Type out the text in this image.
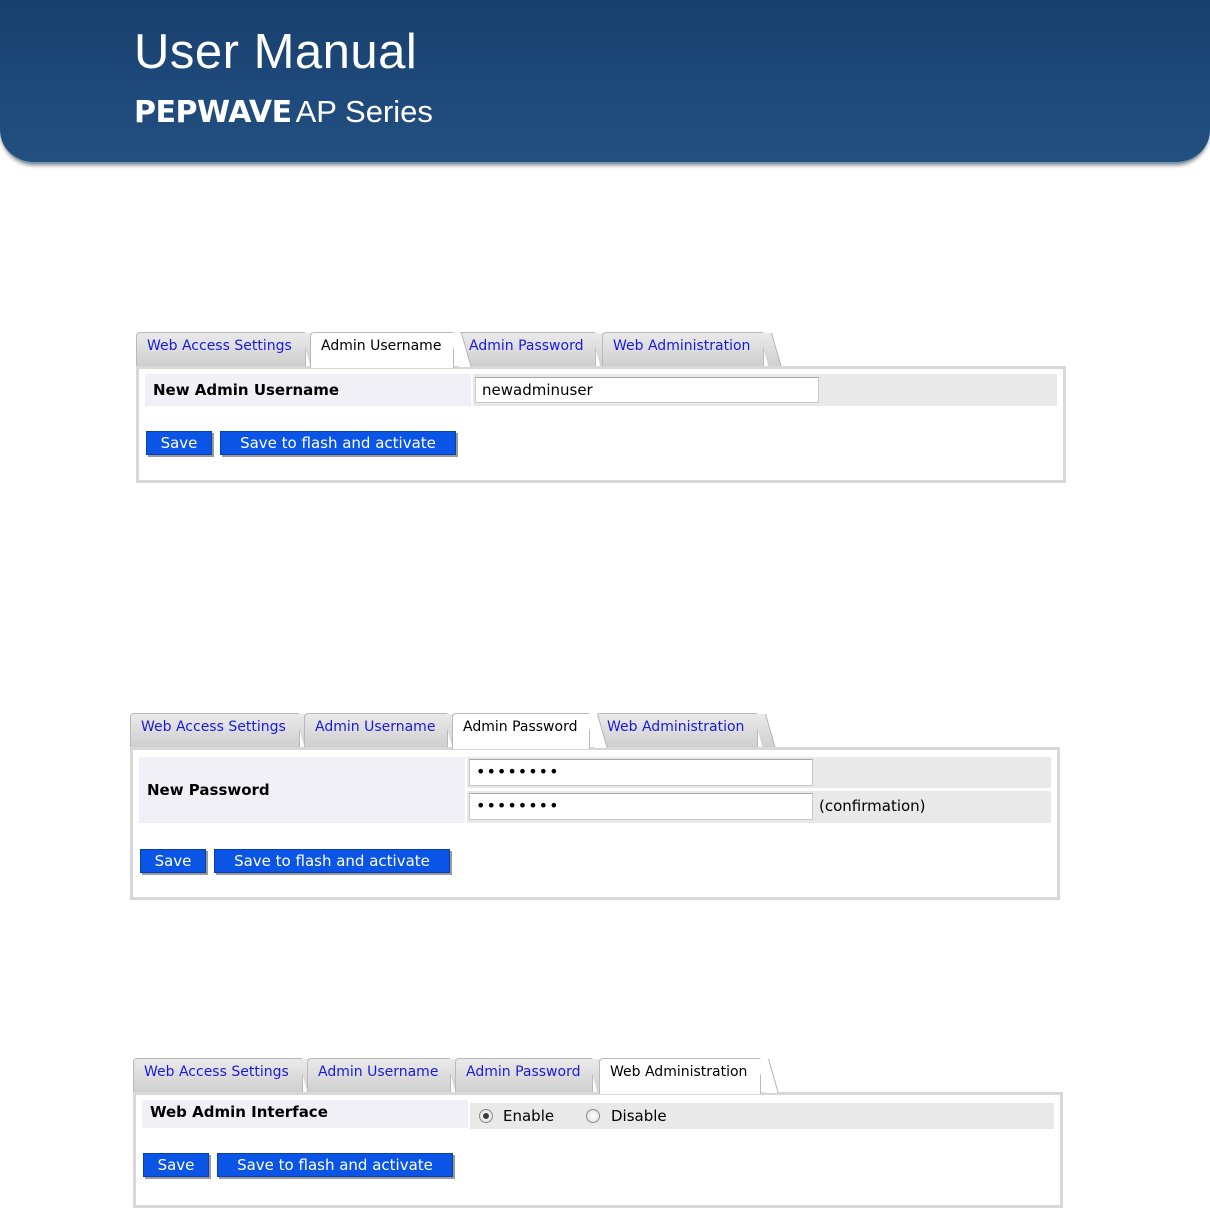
User Manual
PEPWAVE AP Series
Web Access Settings	Admin Username	Admin Password	Web Administration
New Admin Username	newadminuser
Save	Save to flash and activate
Web Access Settings	Admin Username	Admin Password	Web Administration
New Password
••••••••
••••••••	(confirmation)
Save	Save to flash and activate
Web Access Settings	Admin Username	Admin Password	Web Administration
Web Admin Interface	Enable	Disable
Save	Save to flash and activate
